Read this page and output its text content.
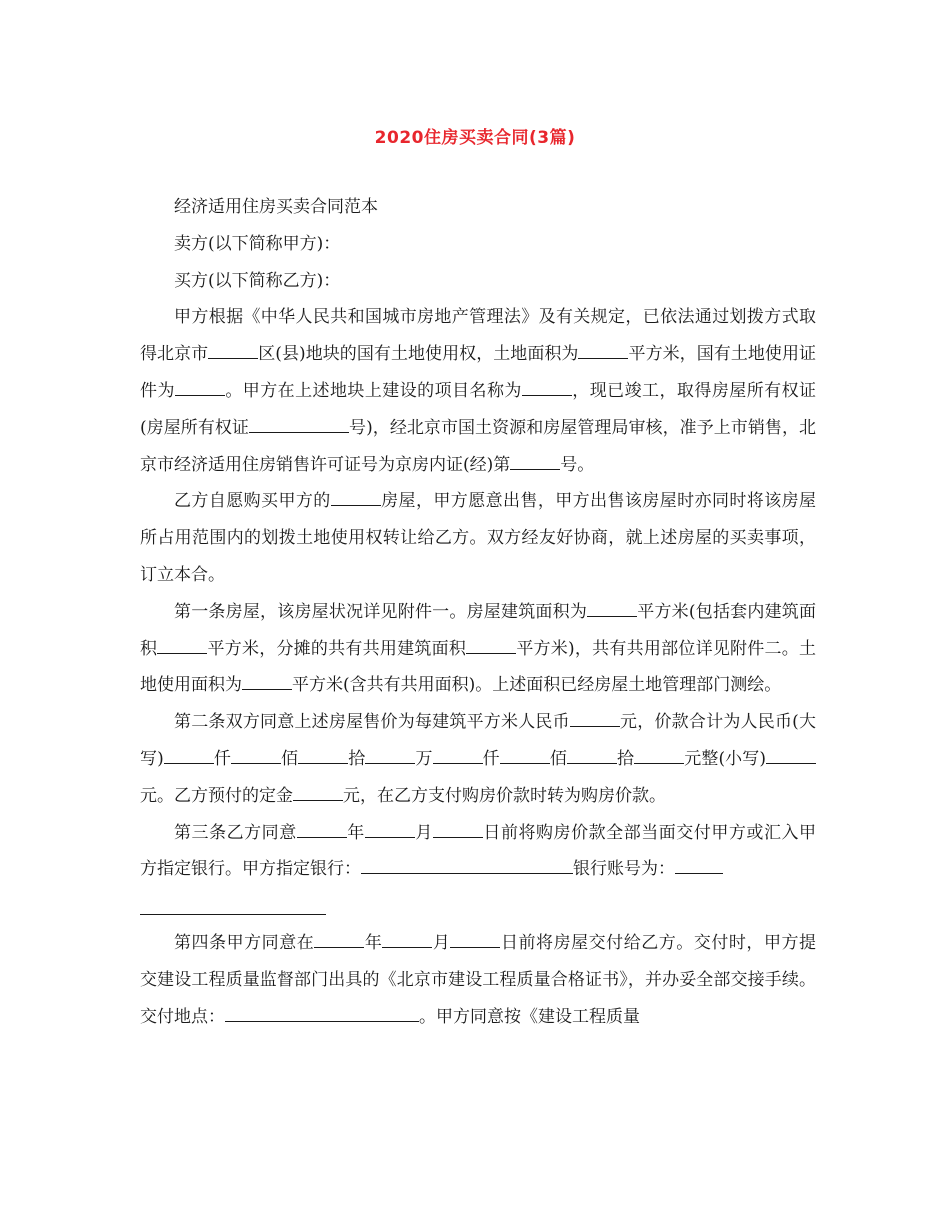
2020住房买卖合同(3篇)

经济适用住房买卖合同范本

卖方(以下简称甲方)：

买方(以下简称乙方)：

甲方根据《中华人民共和国城市房地产管理法》及有关规定，已依法通过划拨方式取得北京市	区(县)地块的国有土地使用权，土地面积为	平方米，国有土地使用证件为	。甲方在上述地块上建设的项目名称为	，现已竣工，取得房屋所有权证(房屋所有权证	号)，经北京市国土资源和房屋管理局审核，准予上市销售，北京市经济适用住房销售许可证号为京房内证(经)第	号。

乙方自愿购买甲方的	房屋，甲方愿意出售，甲方出售该房屋时亦同时将该房屋所占用范围内的划拨土地使用权转让给乙方。双方经友好协商，就上述房屋的买卖事项，订立本合。

第一条房屋，该房屋状况详见附件一。房屋建筑面积为	平方米(包括套内建筑面积	平方米，分摊的共有共用建筑面积	平方米)，共有共用部位详见附件二。土地使用面积为	平方米(含共有共用面积)。上述面积已经房屋土地管理部门测绘。

第二条双方同意上述房屋售价为每建筑平方米人民币	元，价款合计为人民币(大写)	仟	佰	拾	万	仟	佰	拾	元整(小写)元。乙方预付的定金	元，在乙方支付购房价款时转为购房价款。

第三条乙方同意	年	月	日前将购房价款全部当面交付甲方或汇入甲方指定银行。甲方指定银行：	银行账号为：

第四条甲方同意在	年	月	日前将房屋交付给乙方。交付时，甲方提交建设工程质量监督部门出具的《北京市建设工程质量合格证书》，并办妥全部交接手续。交付地点：	。甲方同意按《建设工程质量
